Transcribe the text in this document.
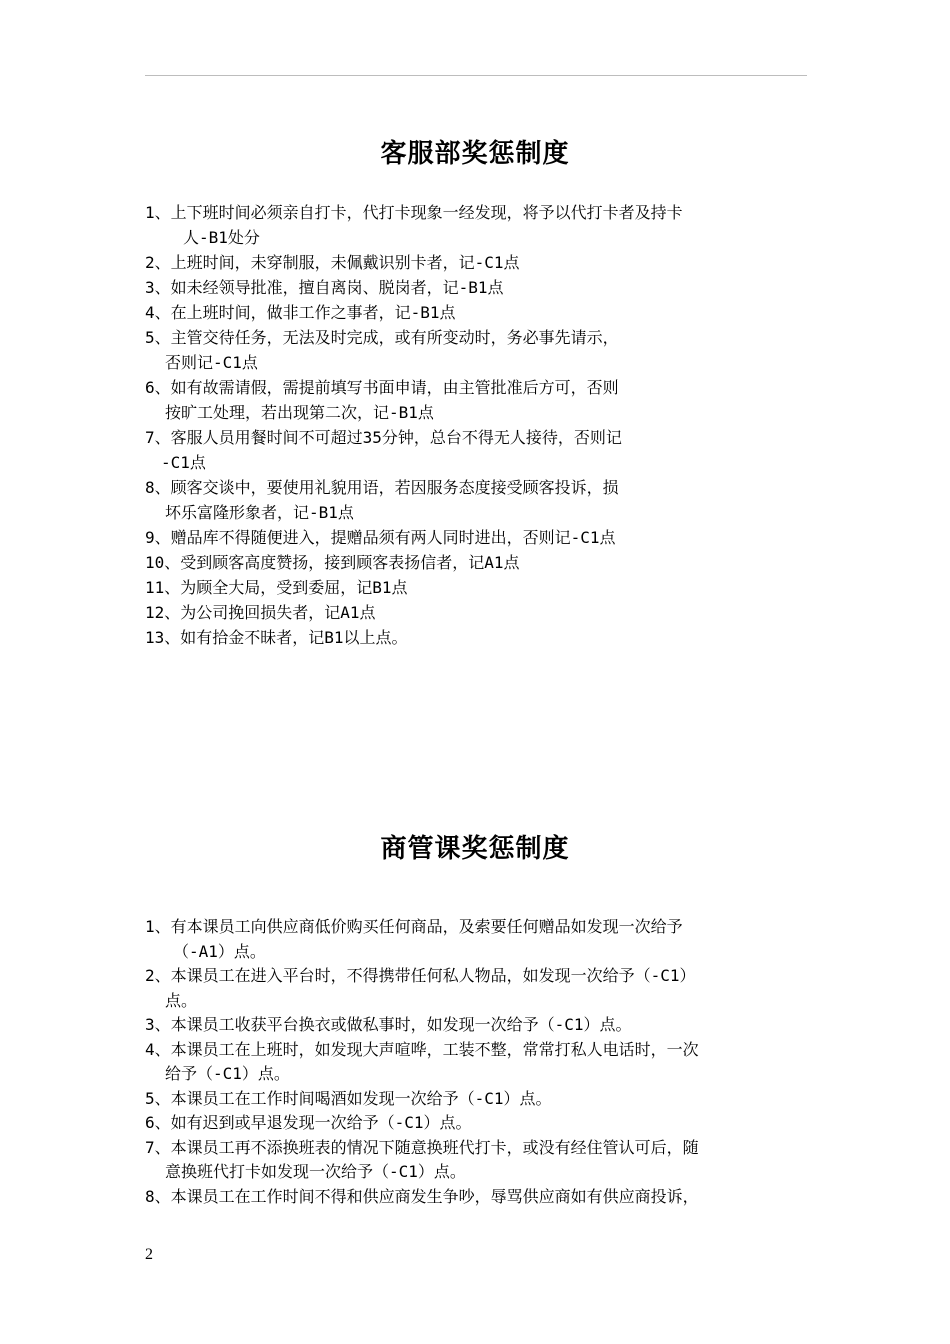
客服部奖惩制度
1、上下班时间必须亲自打卡，代打卡现象一经发现，将予以代打卡者及持卡
人-B1处分
2、上班时间，未穿制服，未佩戴识别卡者，记-C1点
3、如未经领导批准，擅自离岗、脱岗者，记-B1点
4、在上班时间，做非工作之事者，记-B1点
5、主管交待任务，无法及时完成，或有所变动时，务必事先请示，
否则记-C1点
6、如有故需请假，需提前填写书面申请，由主管批准后方可，否则
按旷工处理，若出现第二次，记-B1点
7、客服人员用餐时间不可超过35分钟，总台不得无人接待，否则记
-C1点
8、顾客交谈中，要使用礼貌用语，若因服务态度接受顾客投诉，损
坏乐富隆形象者，记-B1点
9、赠品库不得随便进入，提赠品须有两人同时进出，否则记-C1点
10、受到顾客高度赞扬，接到顾客表扬信者，记A1点
11、为顾全大局，受到委屈，记B1点
12、为公司挽回损失者，记A1点
13、如有拾金不昧者，记B1以上点。
商管课奖惩制度
1、有本课员工向供应商低价购买任何商品，及索要任何赠品如发现一次给予
（-A1）点。
2、本课员工在进入平台时，不得携带任何私人物品，如发现一次给予（-C1）
点。
3、本课员工收获平台换衣或做私事时，如发现一次给予（-C1）点。
4、本课员工在上班时，如发现大声喧哗，工装不整，常常打私人电话时，一次
给予（-C1）点。
5、本课员工在工作时间喝酒如发现一次给予（-C1）点。
6、如有迟到或早退发现一次给予（-C1）点。
7、本课员工再不添换班表的情况下随意换班代打卡，或没有经住管认可后，随
意换班代打卡如发现一次给予（-C1）点。
8、本课员工在工作时间不得和供应商发生争吵，辱骂供应商如有供应商投诉，
2
